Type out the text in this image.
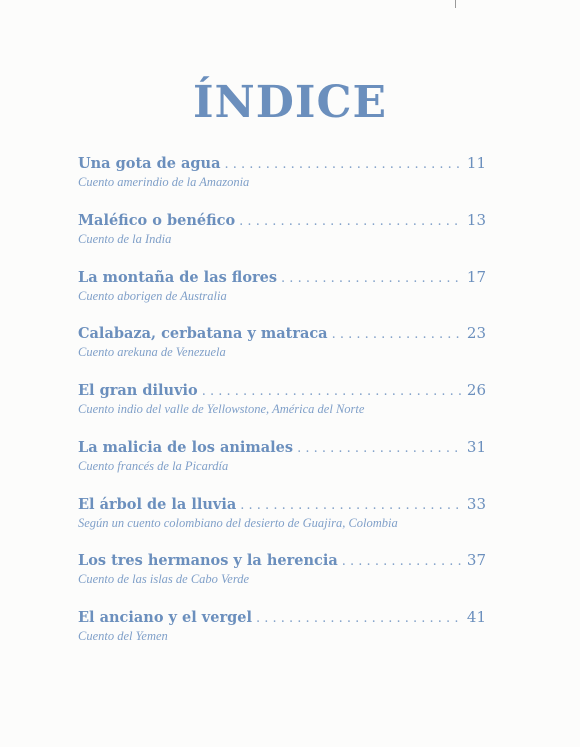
ÍNDICE
Una gota de agua . . .	11
Cuento amerindio de la Amazonia
Maléfico o benéfico . . .	13
Cuento de la India
La montaña de las flores . . .	17
Cuento aborigen de Australia
Calabaza, cerbatana y matraca . . .	23
Cuento arekuna de Venezuela
El gran diluvio . . .	26
Cuento indio del valle de Yellowstone, América del Norte
La malicia de los animales . . .	31
Cuento francés de la Picardía
El árbol de la lluvia . . .	33
Según un cuento colombiano del desierto de Guajira, Colombia
Los tres hermanos y la herencia . . .	37
Cuento de las islas de Cabo Verde
El anciano y el vergel . . .	41
Cuento del Yemen
